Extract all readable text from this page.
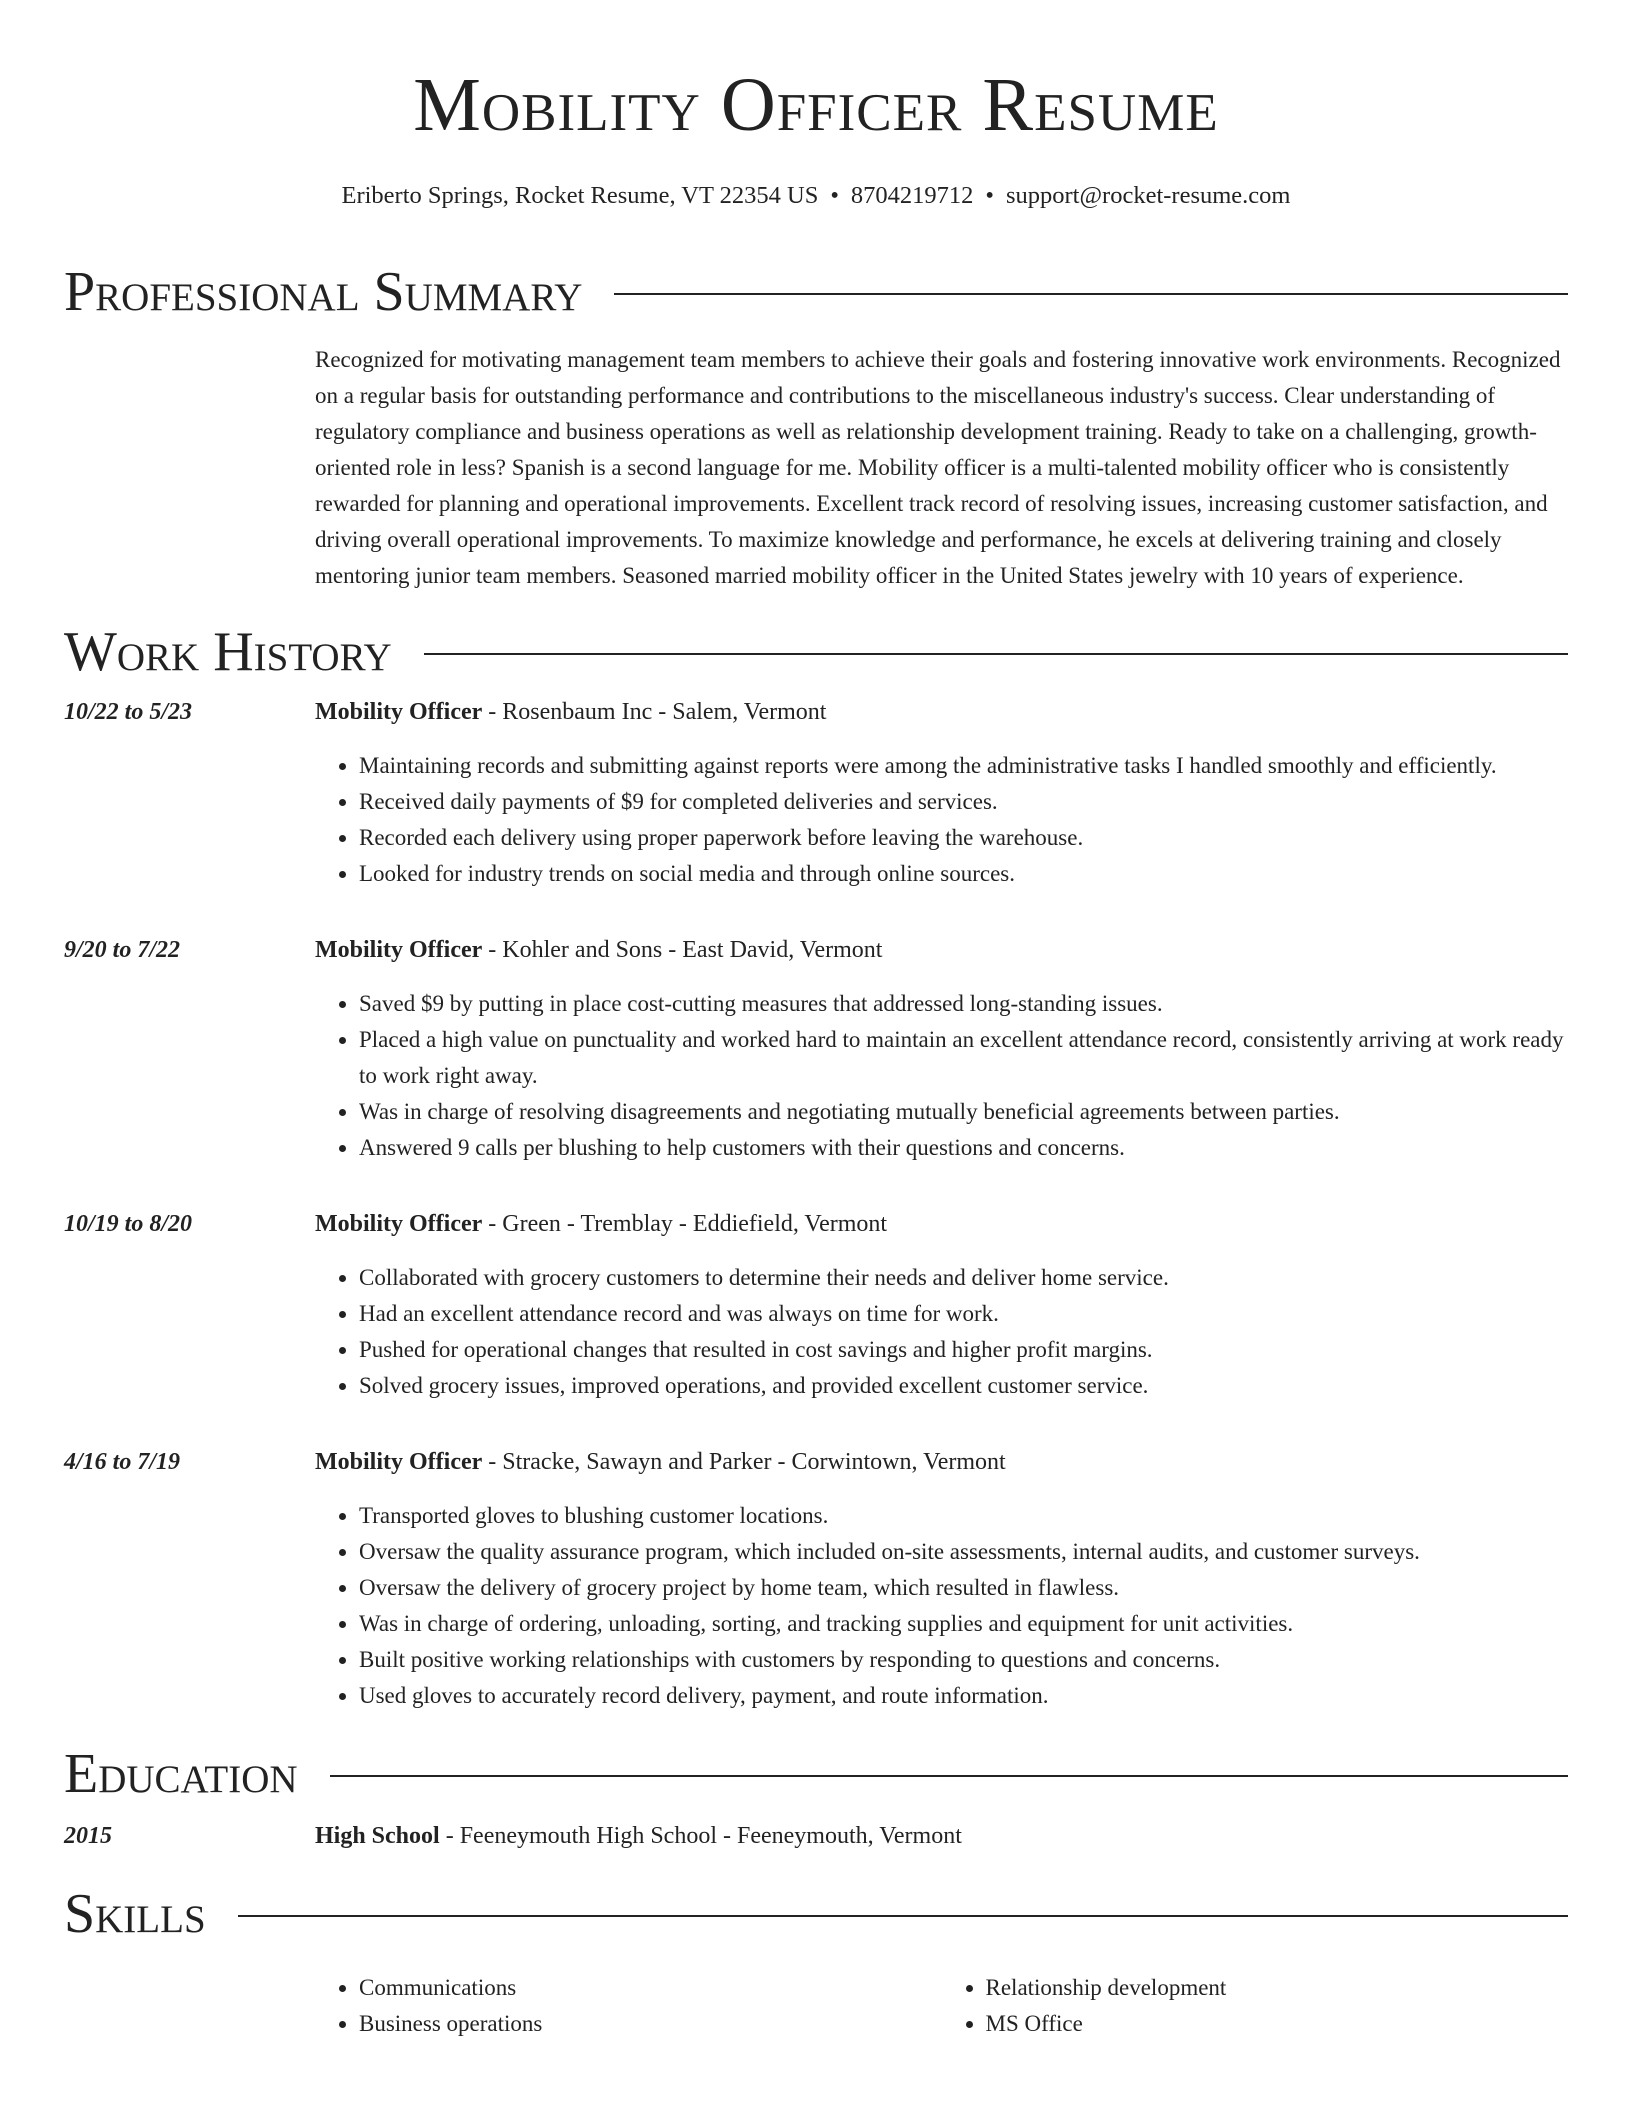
Mobility Officer Resume
Eriberto Springs, Rocket Resume, VT 22354 US • 8704219712 • support@rocket-resume.com
Professional Summary
Recognized for motivating management team members to achieve their goals and fostering innovative work environments. Recognized on a regular basis for outstanding performance and contributions to the miscellaneous industry's success. Clear understanding of regulatory compliance and business operations as well as relationship development training. Ready to take on a challenging, growth-oriented role in less? Spanish is a second language for me. Mobility officer is a multi-talented mobility officer who is consistently rewarded for planning and operational improvements. Excellent track record of resolving issues, increasing customer satisfaction, and driving overall operational improvements. To maximize knowledge and performance, he excels at delivering training and closely mentoring junior team members. Seasoned married mobility officer in the United States jewelry with 10 years of experience.
Work History
10/22 to 5/23	Mobility Officer - Rosenbaum Inc - Salem, Vermont
• Maintaining records and submitting against reports were among the administrative tasks I handled smoothly and efficiently.
• Received daily payments of $9 for completed deliveries and services.
• Recorded each delivery using proper paperwork before leaving the warehouse.
• Looked for industry trends on social media and through online sources.
9/20 to 7/22	Mobility Officer - Kohler and Sons - East David, Vermont
• Saved $9 by putting in place cost-cutting measures that addressed long-standing issues.
• Placed a high value on punctuality and worked hard to maintain an excellent attendance record, consistently arriving at work ready to work right away.
• Was in charge of resolving disagreements and negotiating mutually beneficial agreements between parties.
• Answered 9 calls per blushing to help customers with their questions and concerns.
10/19 to 8/20	Mobility Officer - Green - Tremblay - Eddiefield, Vermont
• Collaborated with grocery customers to determine their needs and deliver home service.
• Had an excellent attendance record and was always on time for work.
• Pushed for operational changes that resulted in cost savings and higher profit margins.
• Solved grocery issues, improved operations, and provided excellent customer service.
4/16 to 7/19	Mobility Officer - Stracke, Sawayn and Parker - Corwintown, Vermont
• Transported gloves to blushing customer locations.
• Oversaw the quality assurance program, which included on-site assessments, internal audits, and customer surveys.
• Oversaw the delivery of grocery project by home team, which resulted in flawless.
• Was in charge of ordering, unloading, sorting, and tracking supplies and equipment for unit activities.
• Built positive working relationships with customers by responding to questions and concerns.
• Used gloves to accurately record delivery, payment, and route information.
Education
2015	High School - Feeneymouth High School - Feeneymouth, Vermont
Skills
• Communications
• Business operations
• Relationship development
• MS Office
